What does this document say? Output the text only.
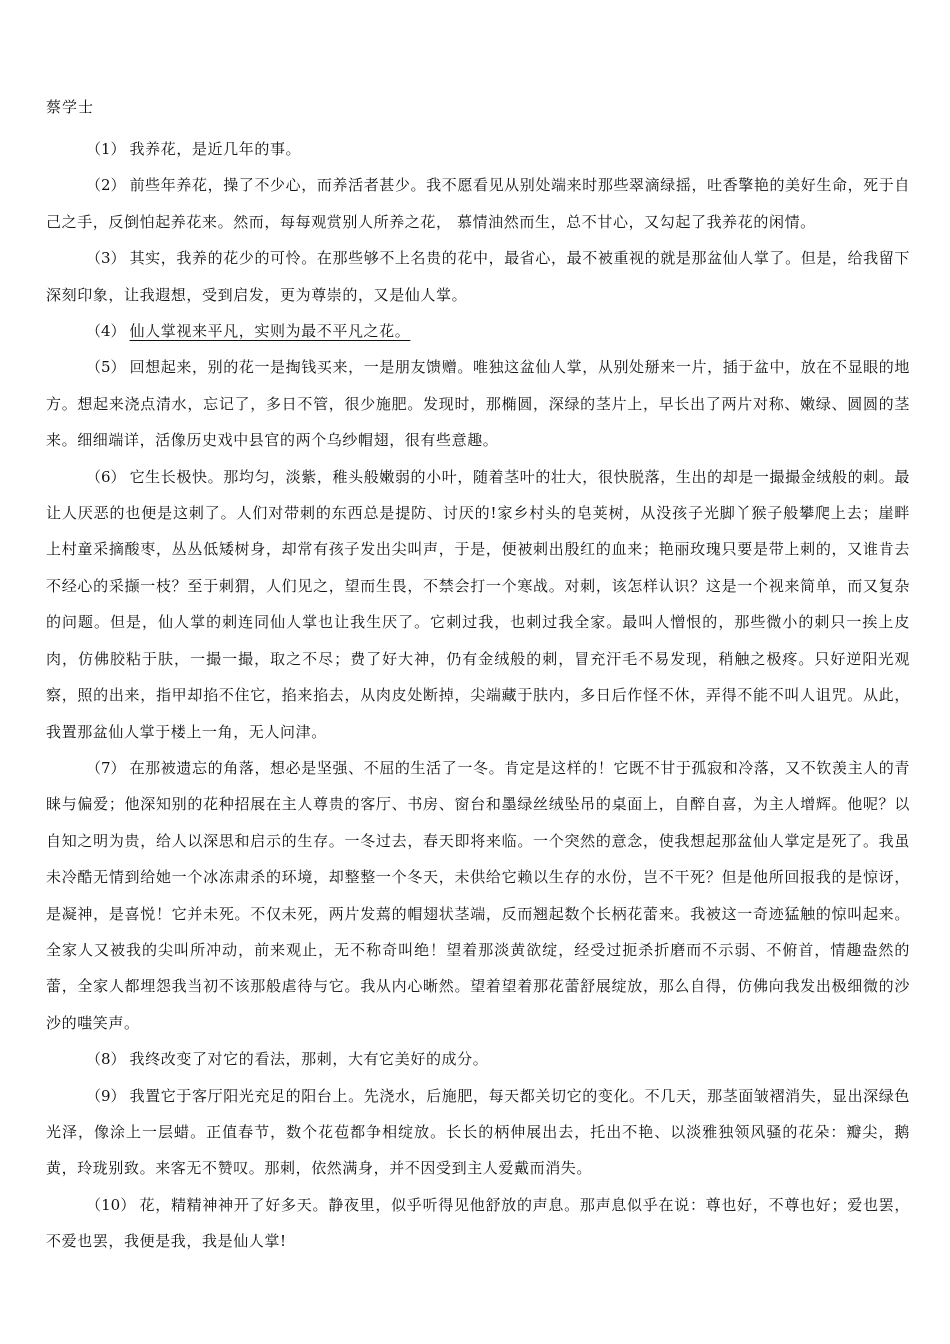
蔡学士

（1） 我养花，是近几年的事。

（2） 前些年养花，操了不少心，而养活者甚少。我不愿看见从别处端来时那些翠滴绿摇，吐香擎艳的美好生命，死于自己之手，反倒怕起养花来。然而，每每观赏别人所养之花， 慕情油然而生，总不甘心，又勾起了我养花的闲情。

（3） 其实，我养的花少的可怜。在那些够不上名贵的花中，最省心，最不被重视的就是那盆仙人掌了。但是，给我留下深刻印象，让我遐想，受到启发，更为尊崇的，又是仙人掌。

（4） 仙人掌视来平凡，实则为最不平凡之花。

（5） 回想起来，别的花一是掏钱买来，一是朋友馈赠。唯独这盆仙人掌，从别处掰来一片，插于盆中，放在不显眼的地方。想起来浇点清水，忘记了，多日不管，很少施肥。发现时，那椭圆，深绿的茎片上，早长出了两片对称、嫩绿、圆圆的茎来。细细端详，活像历史戏中县官的两个乌纱帽翅，很有些意趣。

（6） 它生长极快。那均匀，淡紫，稚头般嫩弱的小叶，随着茎叶的壮大，很快脱落，生出的却是一撮撮金绒般的刺。最让人厌恶的也便是这刺了。人们对带刺的东西总是提防、讨厌的!家乡村头的皂荚树，从没孩子光脚丫猴子般攀爬上去；崖畔上村童采摘酸枣，丛丛低矮树身，却常有孩子发出尖叫声，于是，便被刺出殷红的血来；艳丽玫瑰只要是带上刺的，又谁肯去不经心的采撷一枝？至于刺猬，人们见之，望而生畏，不禁会打一个寒战。对刺，该怎样认识？这是一个视来简单，而又复杂的问题。但是，仙人掌的刺连同仙人掌也让我生厌了。它刺过我，也刺过我全家。最叫人憎恨的，那些微小的刺只一挨上皮肉，仿佛胶粘于肤，一撮一撮，取之不尽；费了好大神，仍有金绒般的刺，冒充汗毛不易发现，稍触之极疼。只好逆阳光观察，照的出来，指甲却掐不住它，掐来掐去，从肉皮处断掉，尖端藏于肤内，多日后作怪不休，弄得不能不叫人诅咒。从此，我置那盆仙人掌于楼上一角，无人问津。

（7） 在那被遗忘的角落，想必是坚强、不屈的生活了一冬。肯定是这样的！它既不甘于孤寂和冷落，又不钦羡主人的青睐与偏爱；他深知别的花种招展在主人尊贵的客厅、书房、窗台和墨绿丝绒坠吊的桌面上，自醉自喜，为主人增辉。他呢？以自知之明为贵，给人以深思和启示的生存。一冬过去，春天即将来临。一个突然的意念，使我想起那盆仙人掌定是死了。我虽未冷酷无情到给她一个冰冻肃杀的环境，却整整一个冬天，未供给它赖以生存的水份，岂不干死？但是他所回报我的是惊讶，是凝神，是喜悦！它并未死。不仅未死，两片发蔫的帽翅状茎端，反而翘起数个长柄花蕾来。我被这一奇迹猛触的惊叫起来。全家人又被我的尖叫所冲动，前来观止，无不称奇叫绝！望着那淡黄欲绽，经受过扼杀折磨而不示弱、不俯首，情趣盎然的蕾，全家人都埋怨我当初不该那般虐待与它。我从内心晰然。望着望着那花蕾舒展绽放，那么自得，仿佛向我发出极细微的沙沙的嗤笑声。

（8） 我终改变了对它的看法，那刺，大有它美好的成分。

（9） 我置它于客厅阳光充足的阳台上。先浇水，后施肥，每天都关切它的变化。不几天，那茎面皱褶消失，显出深绿色光泽，像涂上一层蜡。正值春节，数个花苞都争相绽放。长长的柄伸展出去，托出不艳、以淡雅独领风骚的花朵：瓣尖，鹅黄，玲珑别致。来客无不赞叹。那刺，依然满身，并不因受到主人爱戴而消失。

（10） 花，精精神神开了好多天。静夜里，似乎听得见他舒放的声息。那声息似乎在说：尊也好，不尊也好；爱也罢，不爱也罢，我便是我，我是仙人掌!
